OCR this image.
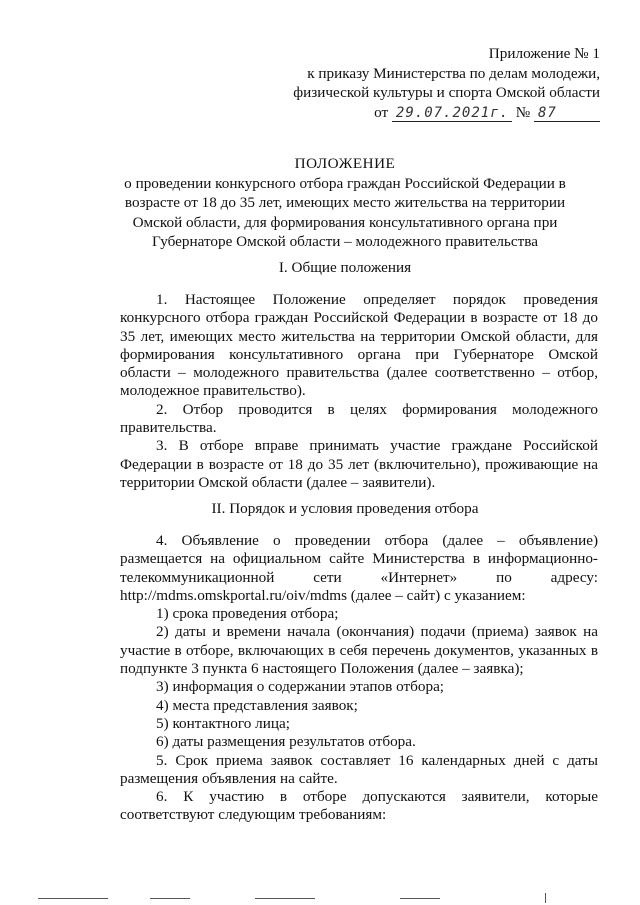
Приложение № 1
к приказу Министерства по делам молодежи,
физической культуры и спорта Омской области
от 29.07.2021г. № 87
ПОЛОЖЕНИЕ
о проведении конкурсного отбора граждан Российской Федерации в
возрасте от 18 до 35 лет, имеющих место жительства на территории
Омской области, для формирования консультативного органа при
Губернаторе Омской области – молодежного правительства
I. Общие положения

1. Настоящее Положение определяет порядок проведения конкурсного отбора граждан Российской Федерации в возрасте от 18 до 35 лет, имеющих место жительства на территории Омской области, для формирования консультативного органа при Губернаторе Омской области – молодежного правительства (далее соответственно – отбор, молодежное правительство).

2. Отбор проводится в целях формирования молодежного правительства.

3. В отборе вправе принимать участие граждане Российской Федерации в возрасте от 18 до 35 лет (включительно), проживающие на территории Омской области (далее – заявители).

II. Порядок и условия проведения отбора

4. Объявление о проведении отбора (далее – объявление) размещается на официальном сайте Министерства в информационно-телекоммуникационной сети «Интернет» по адресу: http://mdms.omskportal.ru/oiv/mdms (далее – сайт) с указанием:

1) срока проведения отбора;

2) даты и времени начала (окончания) подачи (приема) заявок на участие в отборе, включающих в себя перечень документов, указанных в подпункте 3 пункта 6 настоящего Положения (далее – заявка);

3) информация о содержании этапов отбора;

4) места представления заявок;

5) контактного лица;

6) даты размещения результатов отбора.

5. Срок приема заявок составляет 16 календарных дней с даты размещения объявления на сайте.

6. К участию в отборе допускаются заявители, которые соответствуют следующим требованиям:
